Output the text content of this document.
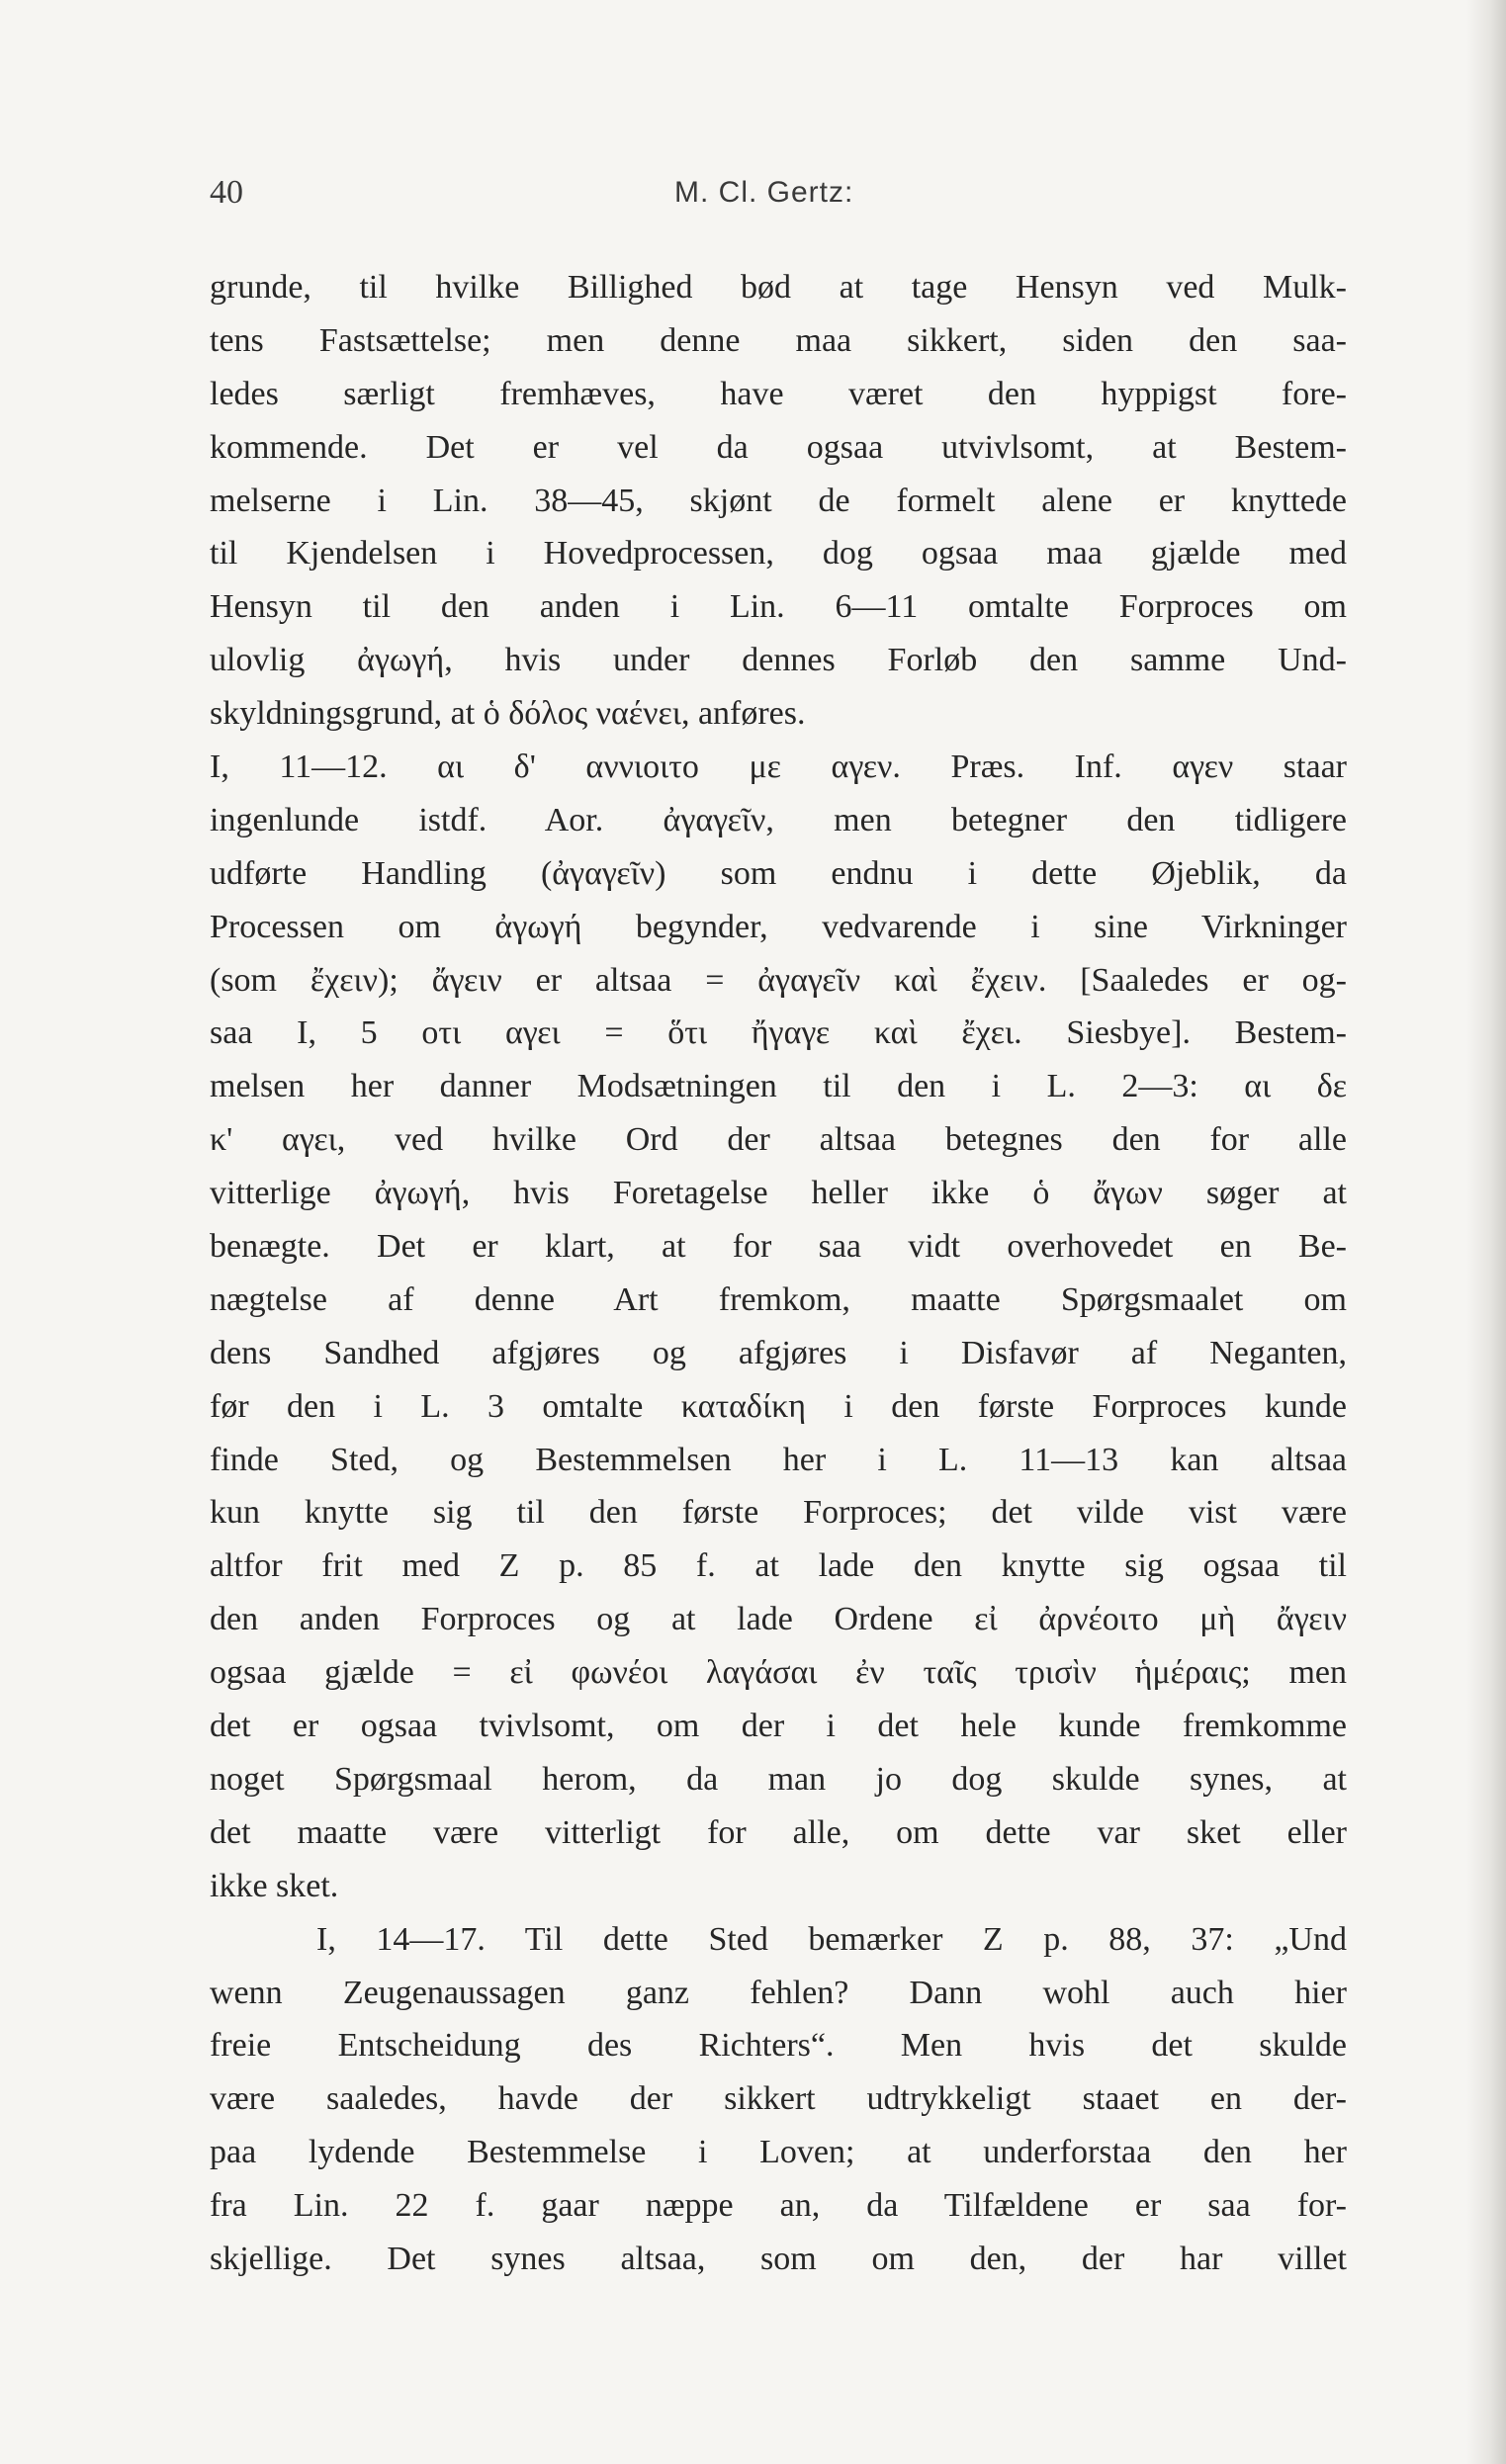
40	M. Cl. Gertz:
grunde, til hvilke Billighed bød at tage Hensyn ved Mulk-
tens Fastsættelse; men denne maa sikkert, siden den saa-
ledes særligt fremhæves, have været den hyppigst fore-
kommende. Det er vel da ogsaa utvivlsomt, at Bestem-
melserne i Lin. 38—45, skjønt de formelt alene er knyttede
til Kjendelsen i Hovedprocessen, dog ogsaa maa gjælde med
Hensyn til den anden i Lin. 6—11 omtalte Forproces om
ulovlig ἀγωγή, hvis under dennes Forløb den samme Und-
skyldningsgrund, at ὁ δόλος ναένει, anføres.
I, 11—12. αι δ' αννιοιτο με αγεν. Præs. Inf. αγεν staar
ingenlunde istdf. Aor. ἀγαγεῖν, men betegner den tidligere
udførte Handling (ἀγαγεῖν) som endnu i dette Øjeblik, da
Processen om ἀγωγή begynder, vedvarende i sine Virkninger
(som ἔχειν); ἄγειν er altsaa = ἀγαγεῖν καὶ ἔχειν. [Saaledes er og-
saa I, 5 οτι αγει = ὅτι ἤγαγε καὶ ἔχει. Siesbye]. Bestem-
melsen her danner Modsætningen til den i L. 2—3: αι δε
κ' αγει, ved hvilke Ord der altsaa betegnes den for alle
vitterlige ἀγωγή, hvis Foretagelse heller ikke ὁ ἄγων søger at
benægte. Det er klart, at for saa vidt overhovedet en Be-
nægtelse af denne Art fremkom, maatte Spørgsmaalet om
dens Sandhed afgjøres og afgjøres i Disfavør af Neganten,
før den i L. 3 omtalte καταδίκη i den første Forproces kunde
finde Sted, og Bestemmelsen her i L. 11—13 kan altsaa
kun knytte sig til den første Forproces; det vilde vist være
altfor frit med Z p. 85 f. at lade den knytte sig ogsaa til
den anden Forproces og at lade Ordene εἰ ἀρνέοιτο μὴ ἄγειν
ogsaa gjælde = εἰ φωνέοι λαγάσαι ἐν ταῖς τρισὶν ἡμέραις; men
det er ogsaa tvivlsomt, om der i det hele kunde fremkomme
noget Spørgsmaal herom, da man jo dog skulde synes, at
det maatte være vitterligt for alle, om dette var sket eller
ikke sket.
I, 14—17. Til dette Sted bemærker Z p. 88, 37: „Und
wenn Zeugenaussagen ganz fehlen? Dann wohl auch hier
freie Entscheidung des Richters“. Men hvis det skulde
være saaledes, havde der sikkert udtrykkeligt staaet en der-
paa lydende Bestemmelse i Loven; at underforstaa den her
fra Lin. 22 f. gaar næppe an, da Tilfældene er saa for-
skjellige. Det synes altsaa, som om den, der har villet
